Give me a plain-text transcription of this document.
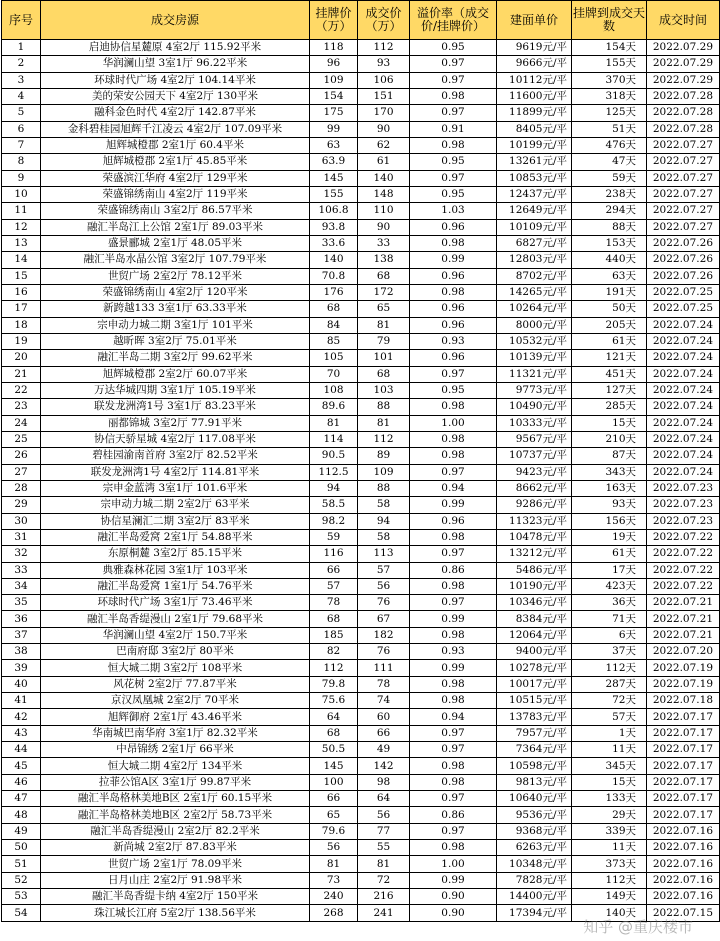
序号	成交房源	挂牌价（万）	成交价（万）	溢价率（成交价/挂牌价）	建面单价	挂牌到成交天数	成交时间
1	启迪协信星麓原 4室2厅 115.92平米	118	112	0.95	9619元/平	154天	2022.07.29
2	华润澜山望 3室1厅 96.22平米	96	93	0.97	9666元/平	155天	2022.07.29
3	环球时代广场 4室2厅 104.14平米	109	106	0.97	10112元/平	370天	2022.07.29
4	美的荣安公园天下 4室2厅 130平米	154	151	0.98	11600元/平	318天	2022.07.28
5	融科金色时代 4室2厅 142.87平米	175	170	0.97	11899元/平	125天	2022.07.28
6	金科碧桂园旭辉千江凌云 4室2厅 107.09平米	99	90	0.91	8405元/平	51天	2022.07.28
7	旭辉城橙郡 2室1厅 60.4平米	63	62	0.98	10199元/平	476天	2022.07.27
8	旭辉城橙郡 2室1厅 45.85平米	63.9	61	0.95	13261元/平	47天	2022.07.27
9	荣盛滨江华府 4室2厅 129平米	145	140	0.97	10853元/平	59天	2022.07.27
10	荣盛锦绣南山 4室2厅 119平米	155	148	0.95	12437元/平	238天	2022.07.27
11	荣盛锦绣南山 3室2厅 86.57平米	106.8	110	1.03	12649元/平	294天	2022.07.27
12	融汇半岛江上公馆 2室1厅 89.03平米	93.8	90	0.96	10109元/平	88天	2022.07.27
13	盛景郦城 2室1厅 48.05平米	33.6	33	0.98	6827元/平	153天	2022.07.26
14	融汇半岛水晶公馆 3室2厅 107.79平米	140	138	0.99	12803元/平	440天	2022.07.26
15	世贸广场 2室2厅 78.12平米	70.8	68	0.96	8702元/平	63天	2022.07.26
16	荣盛锦绣南山 4室2厅 120平米	176	172	0.98	14265元/平	191天	2022.07.25
17	新跨越133 3室1厅 63.33平米	68	65	0.96	10264元/平	50天	2022.07.25
18	宗申动力城二期 3室1厅 101平米	84	81	0.96	8000元/平	205天	2022.07.24
19	越昕晖 3室2厅 75.01平米	85	79	0.93	10532元/平	61天	2022.07.24
20	融汇半岛二期 3室2厅 99.62平米	105	101	0.96	10139元/平	121天	2022.07.24
21	旭辉城橙郡 2室2厅 60.07平米	70	68	0.97	11321元/平	451天	2022.07.24
22	万达华城四期 3室1厅 105.19平米	108	103	0.95	9773元/平	127天	2022.07.24
23	联发龙洲湾1号 3室1厅 83.23平米	89.6	88	0.98	10490元/平	285天	2022.07.24
24	丽都锦城 3室2厅 77.91平米	81	81	1.00	10333元/平	15天	2022.07.24
25	协信天骄星城 4室2厅 117.08平米	114	112	0.98	9567元/平	210天	2022.07.24
26	碧桂园渝南首府 3室2厅 82.52平米	90.5	89	0.98	10737元/平	87天	2022.07.24
27	联发龙洲湾1号 4室2厅 114.81平米	112.5	109	0.97	9423元/平	343天	2022.07.24
28	宗申金蓝湾 3室1厅 101.6平米	94	88	0.94	8662元/平	163天	2022.07.23
29	宗申动力城二期 2室2厅 63平米	58.5	58	0.99	9286元/平	93天	2022.07.23
30	协信星澜汇二期 3室2厅 83平米	98.2	94	0.96	11323元/平	156天	2022.07.23
31	融汇半岛爱窝 2室1厅 54.88平米	59	58	0.98	10478元/平	19天	2022.07.22
32	东原桐麓 3室2厅 85.15平米	116	113	0.97	13212元/平	61天	2022.07.22
33	典雅森林花园 3室1厅 103平米	66	57	0.86	5486元/平	17天	2022.07.22
34	融汇半岛爱窝 1室1厅 54.76平米	57	56	0.98	10190元/平	423天	2022.07.22
35	环球时代广场 3室1厅 73.46平米	78	76	0.97	10346元/平	36天	2022.07.21
36	融汇半岛香缇漫山 2室1厅 79.68平米	68	67	0.99	8384元/平	71天	2022.07.21
37	华润澜山望 4室2厅 150.7平米	185	182	0.98	12064元/平	6天	2022.07.21
38	巴南府邸 3室2厅 80平米	82	76	0.93	9400元/平	37天	2022.07.20
39	恒大城二期 3室2厅 108平米	112	111	0.99	10278元/平	112天	2022.07.19
40	风花树 2室2厅 77.87平米	79.8	78	0.98	10017元/平	287天	2022.07.19
41	京汉凤凰城 2室2厅 70平米	75.6	74	0.98	10515元/平	72天	2022.07.18
42	旭辉御府 2室1厅 43.46平米	64	60	0.94	13783元/平	57天	2022.07.17
43	华南城巴南华府 3室1厅 82.32平米	68	66	0.97	7957元/平	1天	2022.07.17
44	中昂锦绣 2室1厅 66平米	50.5	49	0.97	7364元/平	11天	2022.07.17
45	恒大城二期 4室2厅 134平米	145	142	0.98	10598元/平	345天	2022.07.17
46	拉菲公馆A区 3室1厅 99.87平米	100	98	0.98	9813元/平	15天	2022.07.17
47	融汇半岛格林美地B区 2室1厅 60.15平米	66	64	0.97	10640元/平	133天	2022.07.17
48	融汇半岛格林美地B区 2室2厅 58.73平米	65	56	0.86	9536元/平	29天	2022.07.17
49	融汇半岛香缇漫山 2室2厅 82.2平米	79.6	77	0.97	9368元/平	339天	2022.07.16
50	新尚城 2室2厅 87.83平米	56	55	0.98	6263元/平	11天	2022.07.16
51	世贸广场 2室1厅 78.09平米	81	81	1.00	10348元/平	373天	2022.07.16
52	日月山庄 2室2厅 91.98平米	73	72	0.99	7828元/平	112天	2022.07.16
53	融汇半岛香缇卡纳 4室2厅 150平米	240	216	0.90	14400元/平	149天	2022.07.16
54	珠江城长江府 5室2厅 138.56平米	268	241	0.90	17394元/平	140天	2022.07.15
知乎 @重庆楼市
